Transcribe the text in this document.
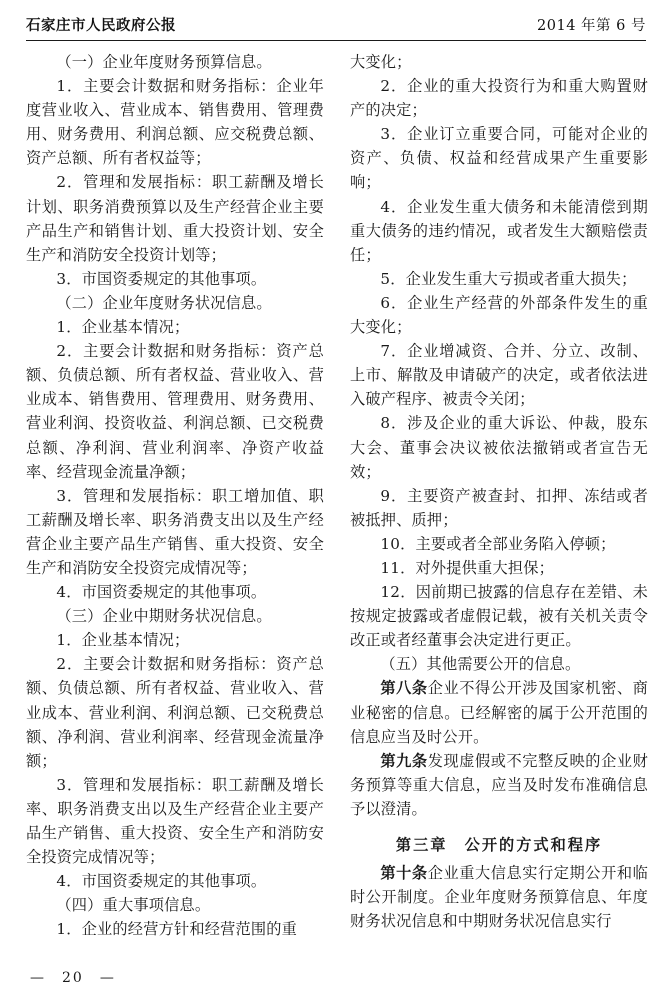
石家庄市人民政府公报	2014 年第 6 号

（一）企业年度财务预算信息。

1．主要会计数据和财务指标：企业年度营业收入、营业成本、销售费用、管理费用、财务费用、利润总额、应交税费总额、资产总额、所有者权益等；

2．管理和发展指标：职工薪酬及增长计划、职务消费预算以及生产经营企业主要产品生产和销售计划、重大投资计划、安全生产和消防安全投资计划等；

3．市国资委规定的其他事项。

（二）企业年度财务状况信息。

1．企业基本情况；

2．主要会计数据和财务指标：资产总额、负债总额、所有者权益、营业收入、营业成本、销售费用、管理费用、财务费用、营业利润、投资收益、利润总额、已交税费总额、净利润、营业利润率、净资产收益率、经营现金流量净额；

3．管理和发展指标：职工增加值、职工薪酬及增长率、职务消费支出以及生产经营企业主要产品生产销售、重大投资、安全生产和消防安全投资完成情况等；

4．市国资委规定的其他事项。

（三）企业中期财务状况信息。

1．企业基本情况；

2．主要会计数据和财务指标：资产总额、负债总额、所有者权益、营业收入、营业成本、营业利润、利润总额、已交税费总额、净利润、营业利润率、经营现金流量净额；

3．管理和发展指标：职工薪酬及增长率、职务消费支出以及生产经营企业主要产品生产销售、重大投资、安全生产和消防安全投资完成情况等；

4．市国资委规定的其他事项。

（四）重大事项信息。

1．企业的经营方针和经营范围的重

大变化；

2．企业的重大投资行为和重大购置财产的决定；

3．企业订立重要合同，可能对企业的资产、负债、权益和经营成果产生重要影响；

4．企业发生重大债务和未能清偿到期重大债务的违约情况，或者发生大额赔偿责任；

5．企业发生重大亏损或者重大损失；

6．企业生产经营的外部条件发生的重大变化；

7．企业增减资、合并、分立、改制、上市、解散及申请破产的决定，或者依法进入破产程序、被责令关闭；

8．涉及企业的重大诉讼、仲裁，股东大会、董事会决议被依法撤销或者宣告无效；

9．主要资产被查封、扣押、冻结或者被抵押、质押；

10．主要或者全部业务陷入停顿；

11．对外提供重大担保；

12．因前期已披露的信息存在差错、未按规定披露或者虚假记载，被有关机关责令改正或者经董事会决定进行更正。

（五）其他需要公开的信息。

第八条企业不得公开涉及国家机密、商业秘密的信息。已经解密的属于公开范围的信息应当及时公开。

第九条发现虚假或不完整反映的企业财务预算等重大信息，应当及时发布准确信息予以澄清。

第三章　公开的方式和程序

第十条企业重大信息实行定期公开和临时公开制度。企业年度财务预算信息、年度财务状况信息和中期财务状况信息实行

—　20　—
